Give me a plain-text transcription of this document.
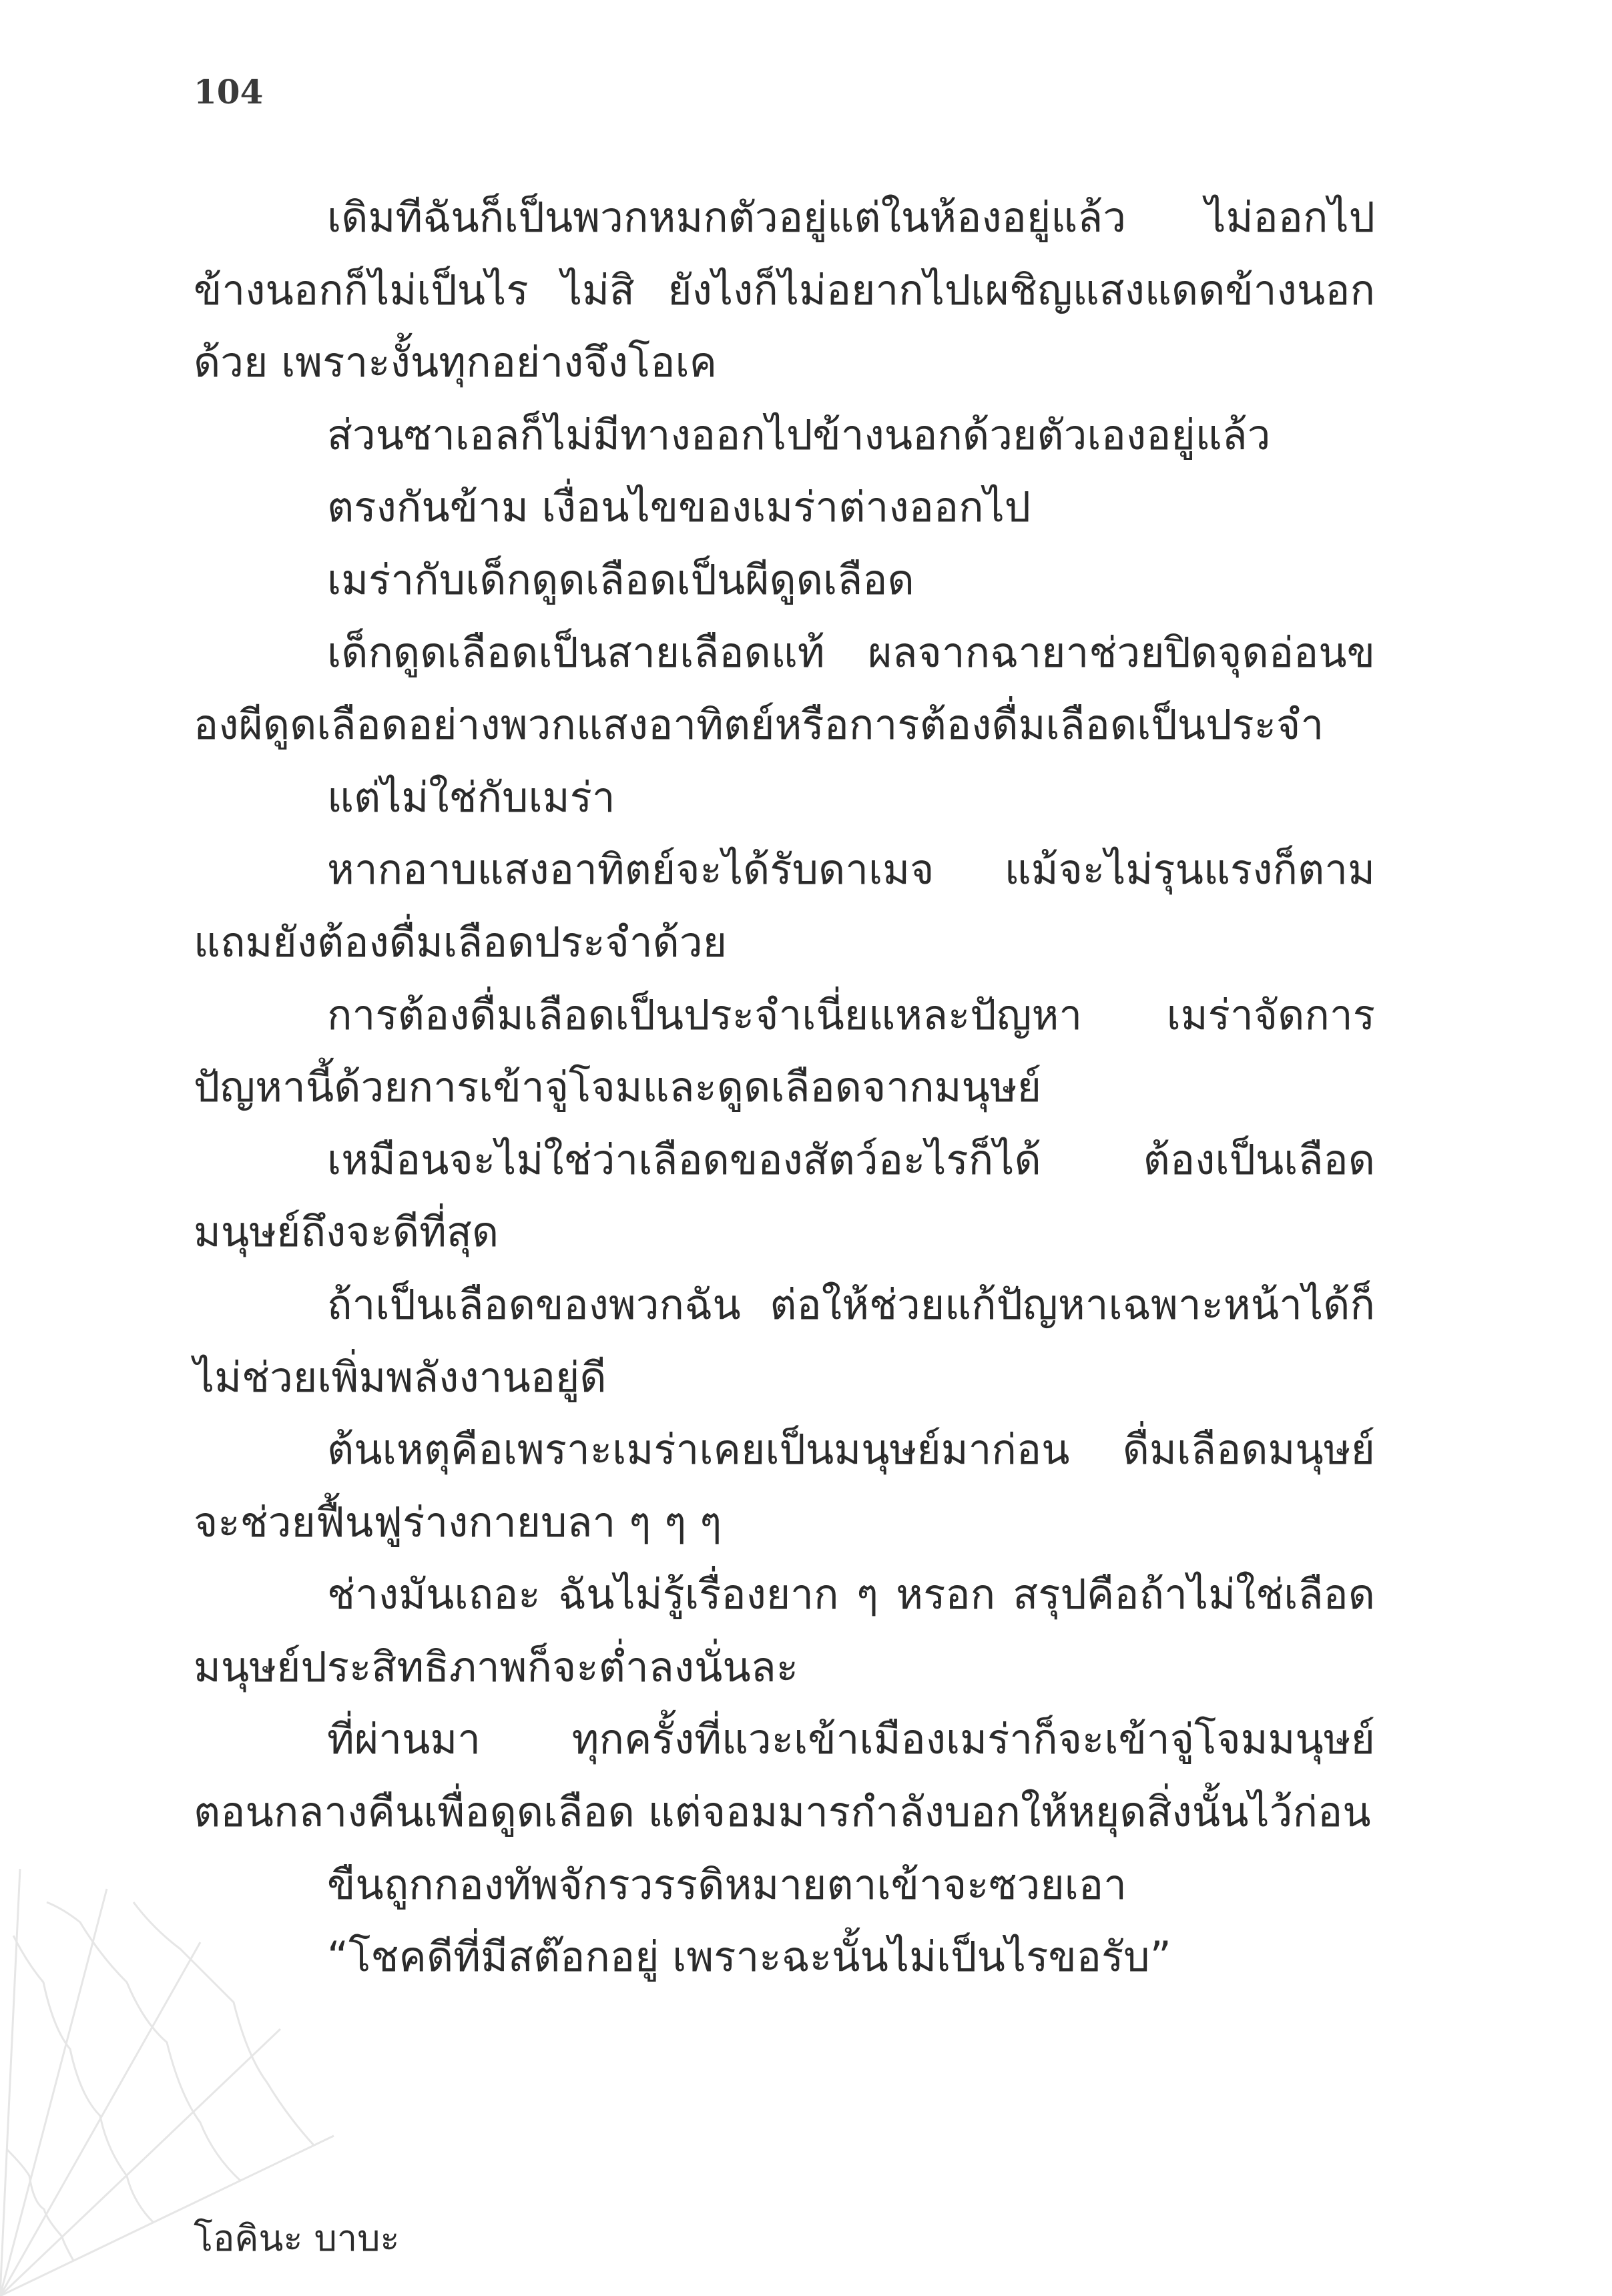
104

เดิมทีฉันก็เป็นพวกหมกตัวอยู่แต่ในห้องอยู่แล้ว ไม่ออกไปข้างนอกก็ไม่เป็นไร ไม่สิ ยังไงก็ไม่อยากไปเผชิญแสงแดดข้างนอกด้วย เพราะงั้นทุกอย่างจึงโอเค

ส่วนซาเอลก็ไม่มีทางออกไปข้างนอกด้วยตัวเองอยู่แล้ว

ตรงกันข้าม เงื่อนไขของเมร่าต่างออกไป

เมร่ากับเด็กดูดเลือดเป็นผีดูดเลือด

เด็กดูดเลือดเป็นสายเลือดแท้ ผลจากฉายาช่วยปิดจุดอ่อนของผีดูดเลือดอย่างพวกแสงอาทิตย์หรือการต้องดื่มเลือดเป็นประจำ

แต่ไม่ใช่กับเมร่า

หากอาบแสงอาทิตย์จะได้รับดาเมจ แม้จะไม่รุนแรงก็ตามแถมยังต้องดื่มเลือดประจำด้วย

การต้องดื่มเลือดเป็นประจำเนี่ยแหละปัญหา เมร่าจัดการปัญหานี้ด้วยการเข้าจู่โจมและดูดเลือดจากมนุษย์

เหมือนจะไม่ใช่ว่าเลือดของสัตว์อะไรก็ได้ ต้องเป็นเลือดมนุษย์ถึงจะดีที่สุด

ถ้าเป็นเลือดของพวกฉัน ต่อให้ช่วยแก้ปัญหาเฉพาะหน้าได้ก็ไม่ช่วยเพิ่มพลังงานอยู่ดี

ต้นเหตุคือเพราะเมร่าเคยเป็นมนุษย์มาก่อน ดื่มเลือดมนุษย์จะช่วยฟื้นฟูร่างกายบลา ๆ ๆ ๆ

ช่างมันเถอะ ฉันไม่รู้เรื่องยาก ๆ หรอก สรุปคือถ้าไม่ใช่เลือดมนุษย์ประสิทธิภาพก็จะต่ำลงนั่นละ

ที่ผ่านมา ทุกครั้งที่แวะเข้าเมืองเมร่าก็จะเข้าจู่โจมมนุษย์ตอนกลางคืนเพื่อดูดเลือด แต่จอมมารกำลังบอกให้หยุดสิ่งนั้นไว้ก่อน

ขืนถูกกองทัพจักรวรรดิหมายตาเข้าจะซวยเอา

“โชคดีที่มีสต๊อกอยู่ เพราะฉะนั้นไม่เป็นไรขอรับ”

โอคินะ บาบะ
